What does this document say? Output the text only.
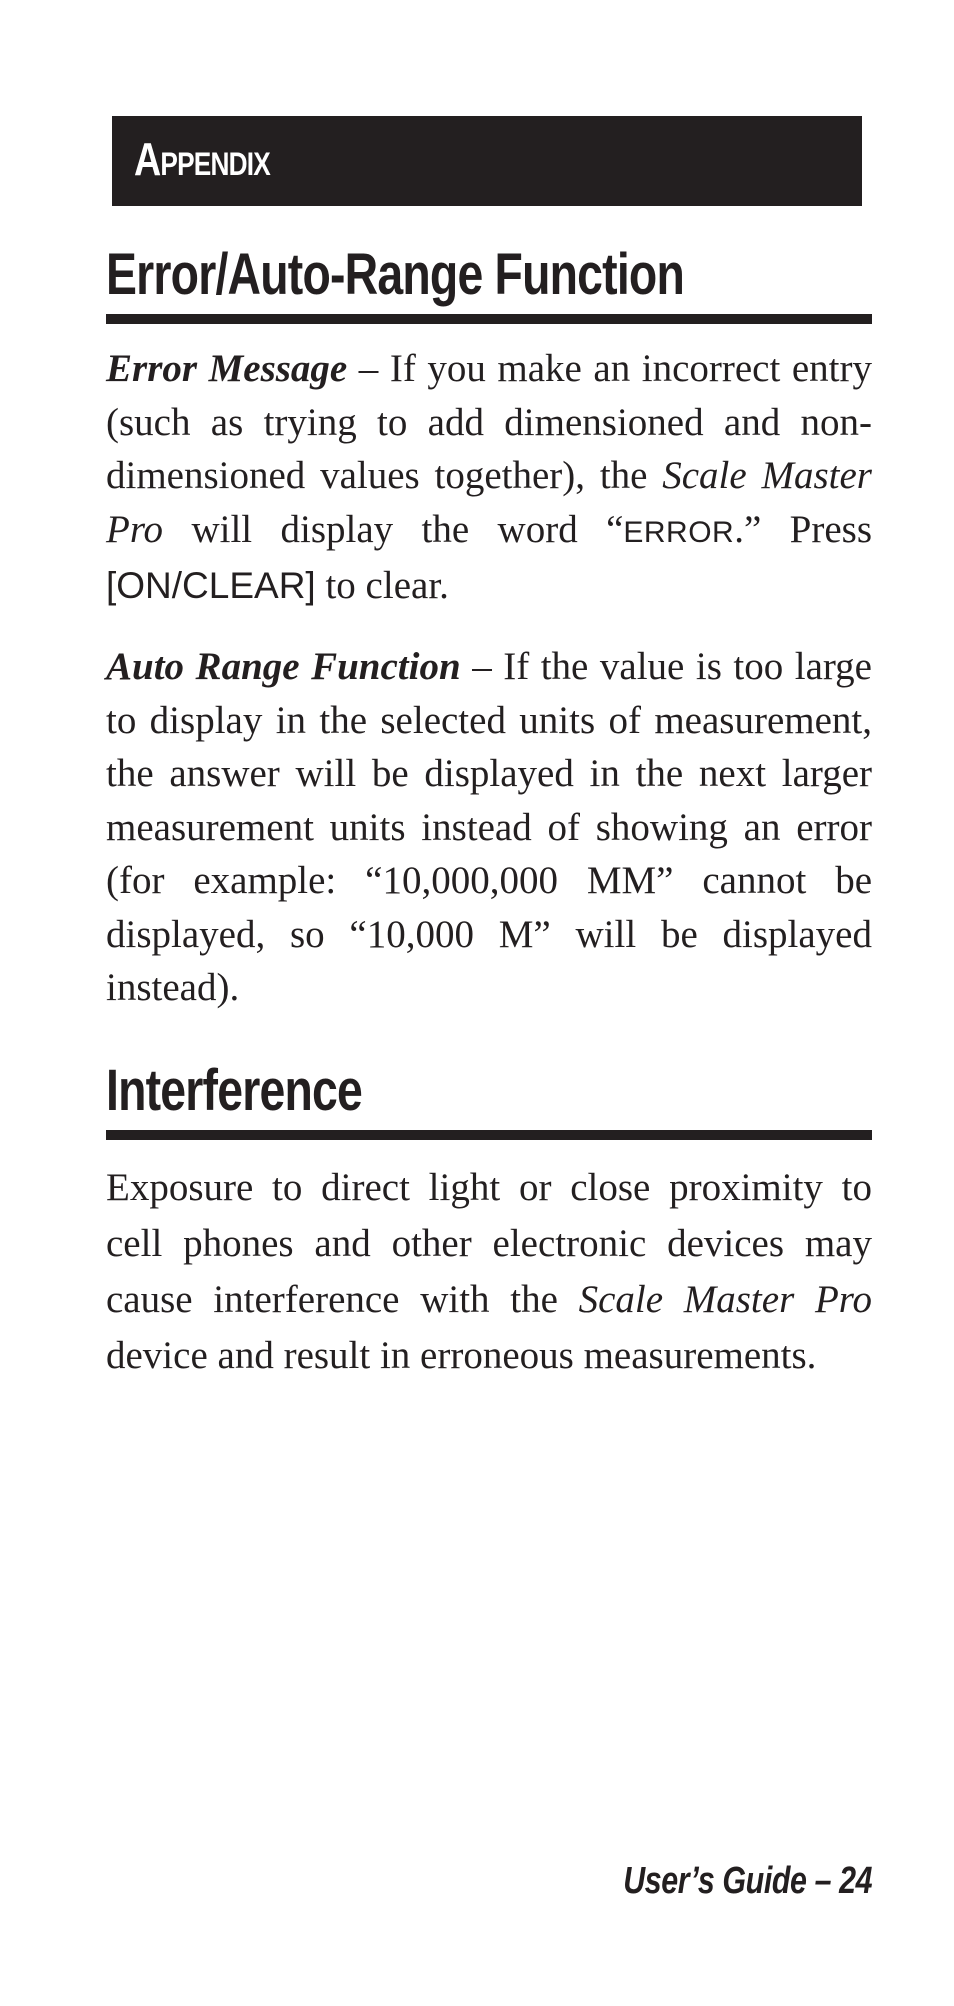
Appendix
Error/Auto-Range Function

Error Message – If you make an incorrect entry (such as trying to add dimensioned and non-dimensioned values together), the Scale Master Pro will display the word “ERROR.” Press [ON/CLEAR] to clear.

Auto Range Function – If the value is too large to display in the selected units of measurement, the answer will be displayed in the next larger measurement units instead of showing an error (for example: “10,000,000 MM” cannot be displayed, so “10,000 M” will be displayed instead).

Interference

Exposure to direct light or close proximity to cell phones and other electronic devices may cause interference with the Scale Master Pro device and result in erroneous measurements.

User’s Guide – 24
